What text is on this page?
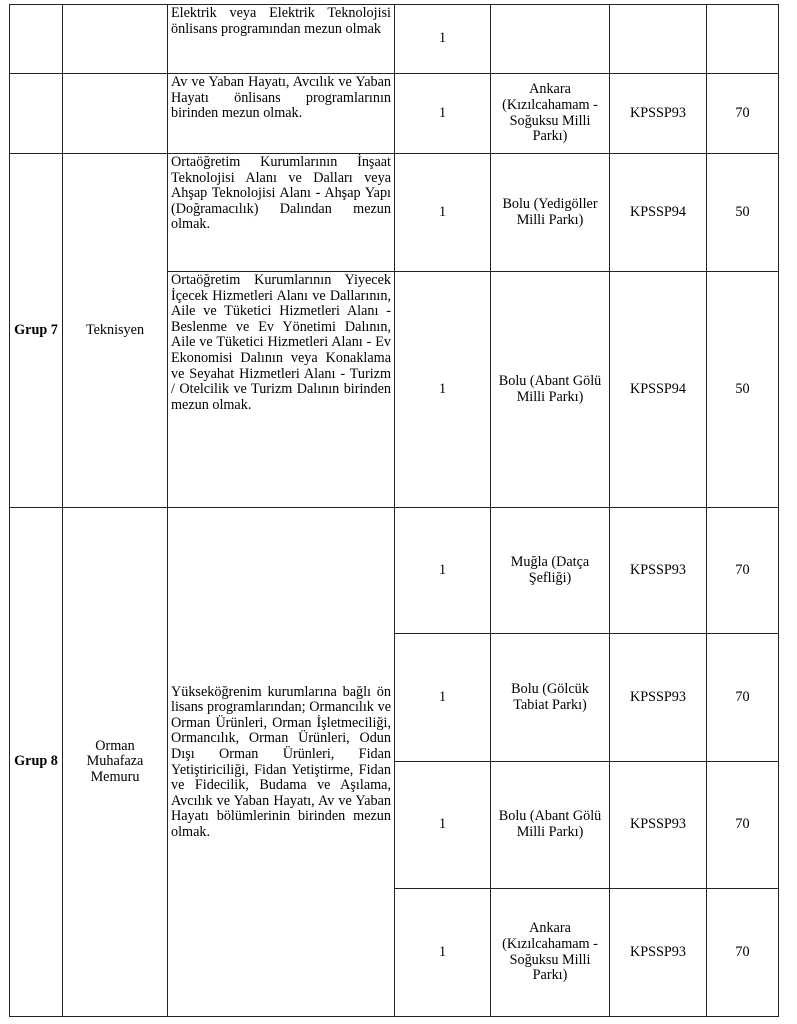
		Elektrik veya Elektrik Teknolojisi önlisans programından mezun olmak	1			
		Av ve Yaban Hayatı, Avcılık ve Yaban Hayatı önlisans programlarının birinden mezun olmak.	1	Ankara (Kızılcahamam - Soğuksu Milli Parkı)	KPSSP93	70
Grup 7	Teknisyen	Ortaöğretim Kurumlarının İnşaat Teknolojisi Alanı ve Dalları veya Ahşap Teknolojisi Alanı - Ahşap Yapı (Doğramacılık) Dalından mezun olmak.	1	Bolu (Yedigöller Milli Parkı)	KPSSP94	50
		Ortaöğretim Kurumlarının Yiyecek İçecek Hizmetleri Alanı ve Dallarının, Aile ve Tüketici Hizmetleri Alanı - Beslenme ve Ev Yönetimi Dalının, Aile ve Tüketici Hizmetleri Alanı - Ev Ekonomisi Dalının veya Konaklama ve Seyahat Hizmetleri Alanı - Turizm / Otelcilik ve Turizm Dalının birinden mezun olmak.	1	Bolu (Abant Gölü Milli Parkı)	KPSSP94	50
Grup 8	Orman Muhafaza Memuru	Yükseköğrenim kurumlarına bağlı ön lisans programlarından; Ormancılık ve Orman Ürünleri, Orman İşletmeciliği, Ormancılık, Orman Ürünleri, Odun Dışı Orman Ürünleri, Fidan Yetiştiriciliği, Fidan Yetiştirme, Fidan ve Fidecilik, Budama ve Aşılama, Avcılık ve Yaban Hayatı, Av ve Yaban Hayatı bölümlerinin birinden mezun olmak.	1	Muğla (Datça Şefliği)	KPSSP93	70
			1	Bolu (Gölcük Tabiat Parkı)	KPSSP93	70
			1	Bolu (Abant Gölü Milli Parkı)	KPSSP93	70
			1	Ankara (Kızılcahamam - Soğuksu Milli Parkı)	KPSSP93	70
